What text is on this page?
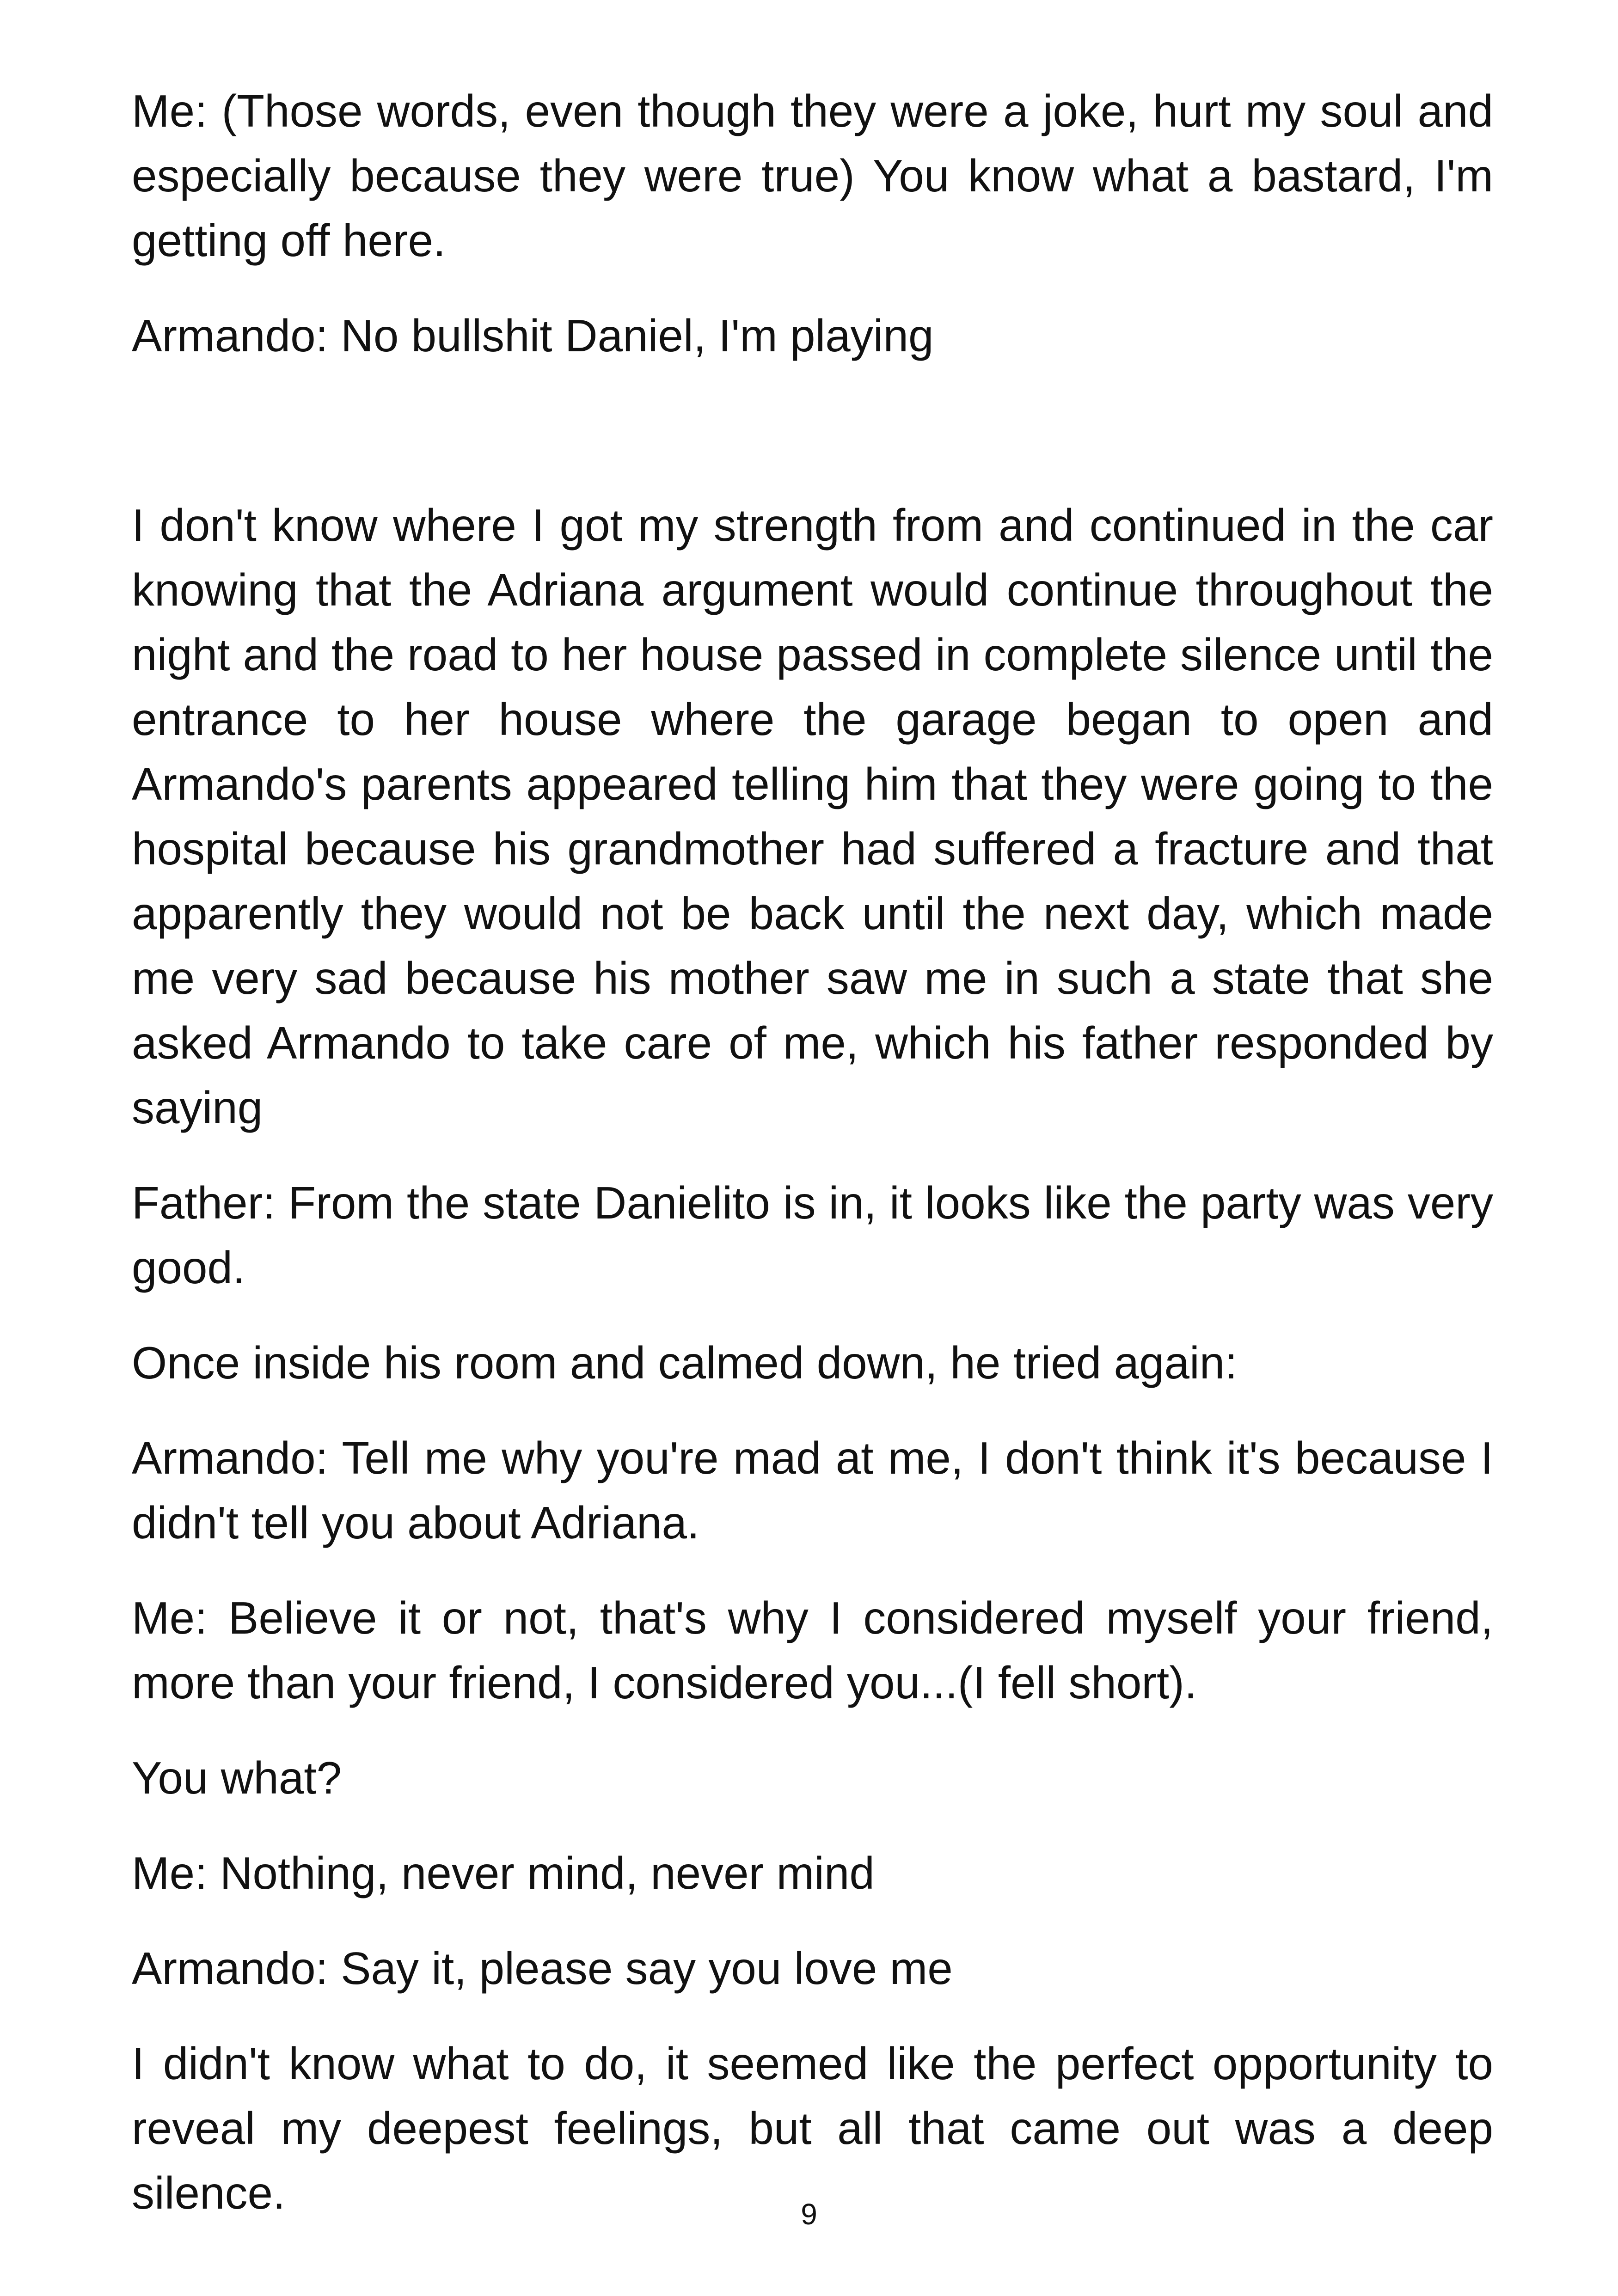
Me: (Those words, even though they were a joke, hurt my soul and especially because they were true) You know what a bastard, I'm getting off here.

Armando: No bullshit Daniel, I'm playing

I don't know where I got my strength from and continued in the car knowing that the Adriana argument would continue throughout the night and the road to her house passed in complete silence until the entrance to her house where the garage began to open and Armando's parents appeared telling him that they were going to the hospital because his grandmother had suffered a fracture and that apparently they would not be back until the next day, which made me very sad because his mother saw me in such a state that she asked Armando to take care of me, which his father responded by saying

Father: From the state Danielito is in, it looks like the party was very good.

Once inside his room and calmed down, he tried again:

Armando: Tell me why you're mad at me, I don't think it's because I didn't tell you about Adriana.

Me: Believe it or not, that's why I considered myself your friend, more than your friend, I considered you...(I fell short).

You what?

Me: Nothing, never mind, never mind

Armando: Say it, please say you love me

I didn't know what to do, it seemed like the perfect opportunity to reveal my deepest feelings, but all that came out was a deep silence.	9
